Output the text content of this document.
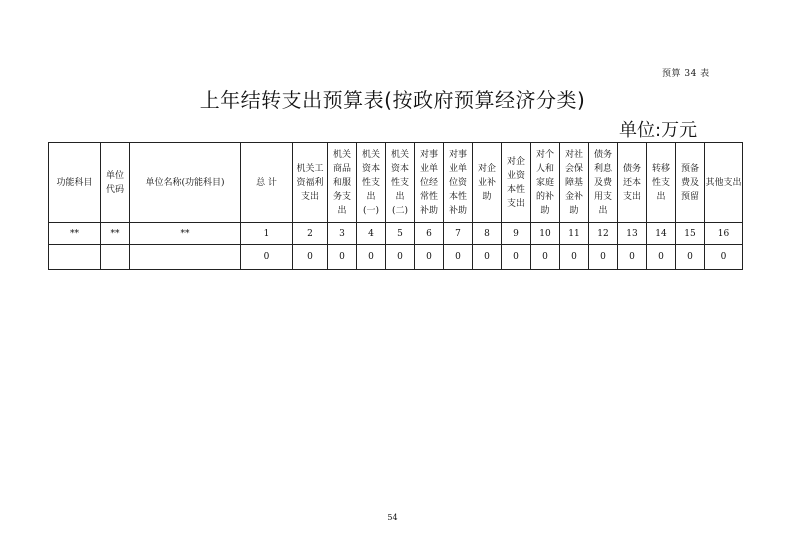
预算 34 表
上年结转支出预算表(按政府预算经济分类)
单位:万元
功能科目	单位代码	单位名称(功能科目)	总 计	机关工资福利支出	机关商品和服务支出	机关资本性支出(一)	机关资本性支出(二)	对事业单位经常性补助	对事业单位资本性补助	对企业补助	对企业资本性支出	对个人和家庭的补助	对社会保障基金补助	债务利息及费用支出	债务还本支出	转移性支出	预备费及预留	其他支出
**	**	**	1	2	3	4	5	6	7	8	9	10	11	12	13	14	15	16
			0	0	0	0	0	0	0	0	0	0	0	0	0	0	0	0
54
